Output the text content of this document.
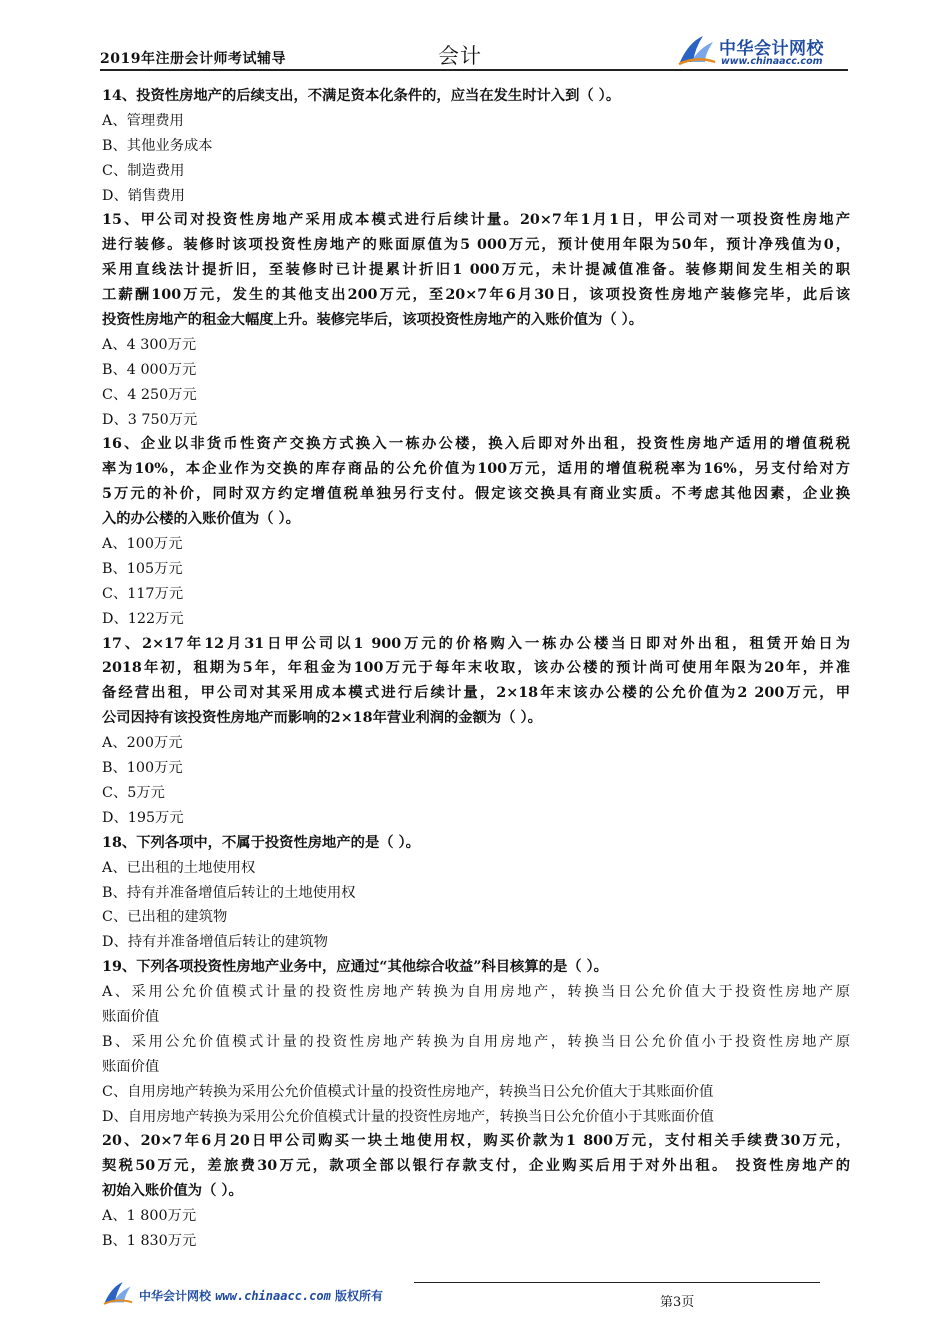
2019年注册会计师考试辅导	会计	中华会计网校
www.chinaacc.com
14、投资性房地产的后续支出，不满足资本化条件的，应当在发生时计入到（ ）。
A、管理费用
B、其他业务成本
C、制造费用
D、销售费用
15、甲公司对投资性房地产采用成本模式进行后续计量。20×7年1月1日，甲公司对一项投资性房地产
进行装修。装修时该项投资性房地产的账面原值为5 000万元，预计使用年限为50年，预计净残值为0，
采用直线法计提折旧，至装修时已计提累计折旧1 000万元，未计提减值准备。装修期间发生相关的职
工薪酬100万元，发生的其他支出200万元，至20×7年6月30日，该项投资性房地产装修完毕，此后该
投资性房地产的租金大幅度上升。装修完毕后，该项投资性房地产的入账价值为（ ）。
A、4 300万元
B、4 000万元
C、4 250万元
D、3 750万元
16、企业以非货币性资产交换方式换入一栋办公楼，换入后即对外出租，投资性房地产适用的增值税税
率为10%，本企业作为交换的库存商品的公允价值为100万元，适用的增值税税率为16%，另支付给对方
5万元的补价，同时双方约定增值税单独另行支付。假定该交换具有商业实质。不考虑其他因素，企业换
入的办公楼的入账价值为（ ）。
A、100万元
B、105万元
C、117万元
D、122万元
17、2×17年12月31日甲公司以1 900万元的价格购入一栋办公楼当日即对外出租，租赁开始日为
2018年初，租期为5年，年租金为100万元于每年末收取，该办公楼的预计尚可使用年限为20年，并准
备经营出租，甲公司对其采用成本模式进行后续计量，2×18年末该办公楼的公允价值为2 200万元，甲
公司因持有该投资性房地产而影响的2×18年营业利润的金额为（ ）。
A、200万元
B、100万元
C、5万元
D、195万元
18、下列各项中，不属于投资性房地产的是（ ）。
A、已出租的土地使用权
B、持有并准备增值后转让的土地使用权
C、已出租的建筑物
D、持有并准备增值后转让的建筑物
19、下列各项投资性房地产业务中，应通过“其他综合收益”科目核算的是（ ）。
A、采用公允价值模式计量的投资性房地产转换为自用房地产，转换当日公允价值大于投资性房地产原
账面价值
B、采用公允价值模式计量的投资性房地产转换为自用房地产，转换当日公允价值小于投资性房地产原
账面价值
C、自用房地产转换为采用公允价值模式计量的投资性房地产，转换当日公允价值大于其账面价值
D、自用房地产转换为采用公允价值模式计量的投资性房地产，转换当日公允价值小于其账面价值
20、20×7年6月20日甲公司购买一块土地使用权，购买价款为1 800万元，支付相关手续费30万元，
契税50万元，差旅费30万元，款项全部以银行存款支付，企业购买后用于对外出租。 投资性房地产的
初始入账价值为（ ）。
A、1 800万元
B、1 830万元
中华会计网校 www.chinaacc.com 版权所有	第3页
